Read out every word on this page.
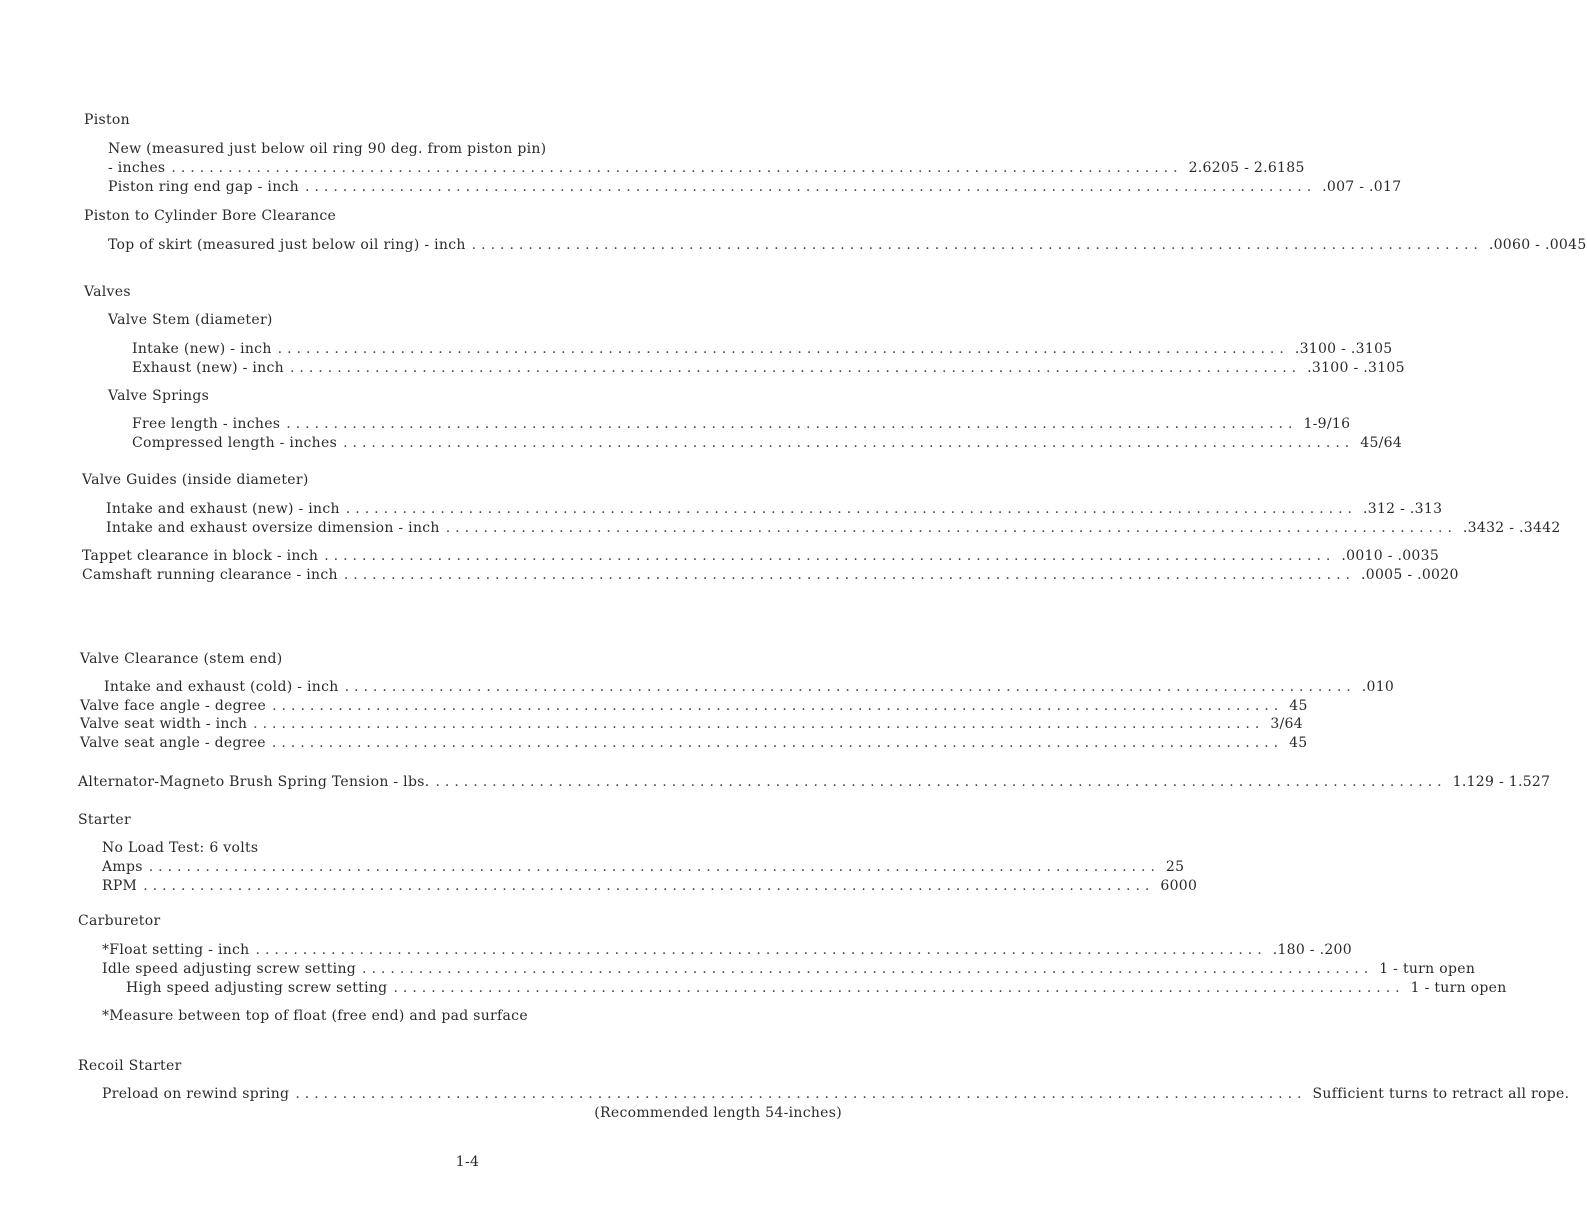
Piston
New (measured just below oil ring 90 deg. from piston pin)
- inches ........................................................................................................... 2.6205 - 2.6185
Piston ring end gap - inch ........................................................................................................... .007 - .017
Piston to Cylinder Bore Clearance
Top of skirt (measured just below oil ring) - inch ........................................................................................................... .0060 - .0045
Valves
Valve Stem (diameter)
Intake (new) - inch ........................................................................................................... .3100 - .3105
Exhaust (new) - inch ........................................................................................................... .3100 - .3105
Valve Springs
Free length - inches ........................................................................................................... 1-9/16
Compressed length - inches ........................................................................................................... 45/64
Valve Guides (inside diameter)
Intake and exhaust (new) - inch ........................................................................................................... .312 - .313
Intake and exhaust oversize dimension - inch ........................................................................................................... .3432 - .3442
Tappet clearance in block - inch ........................................................................................................... .0010 - .0035
Camshaft running clearance - inch ........................................................................................................... .0005 - .0020
Valve Clearance (stem end)
Intake and exhaust (cold) - inch ........................................................................................................... .010
Valve face angle - degree ........................................................................................................... 45
Valve seat width - inch ........................................................................................................... 3/64
Valve seat angle - degree ........................................................................................................... 45
Alternator-Magneto Brush Spring Tension - lbs. ........................................................................................................... 1.129 - 1.527
Starter
No Load Test: 6 volts
Amps ........................................................................................................... 25
RPM ........................................................................................................... 6000
Carburetor
*Float setting - inch ........................................................................................................... .180 - .200
Idle speed adjusting screw setting ........................................................................................................... 1 - turn open
High speed adjusting screw setting ........................................................................................................... 1 - turn open
*Measure between top of float (free end) and pad surface
Recoil Starter
Preload on rewind spring ........................................................................................................... Sufficient turns to retract all rope.
(Recommended length 54-inches)
1-4
